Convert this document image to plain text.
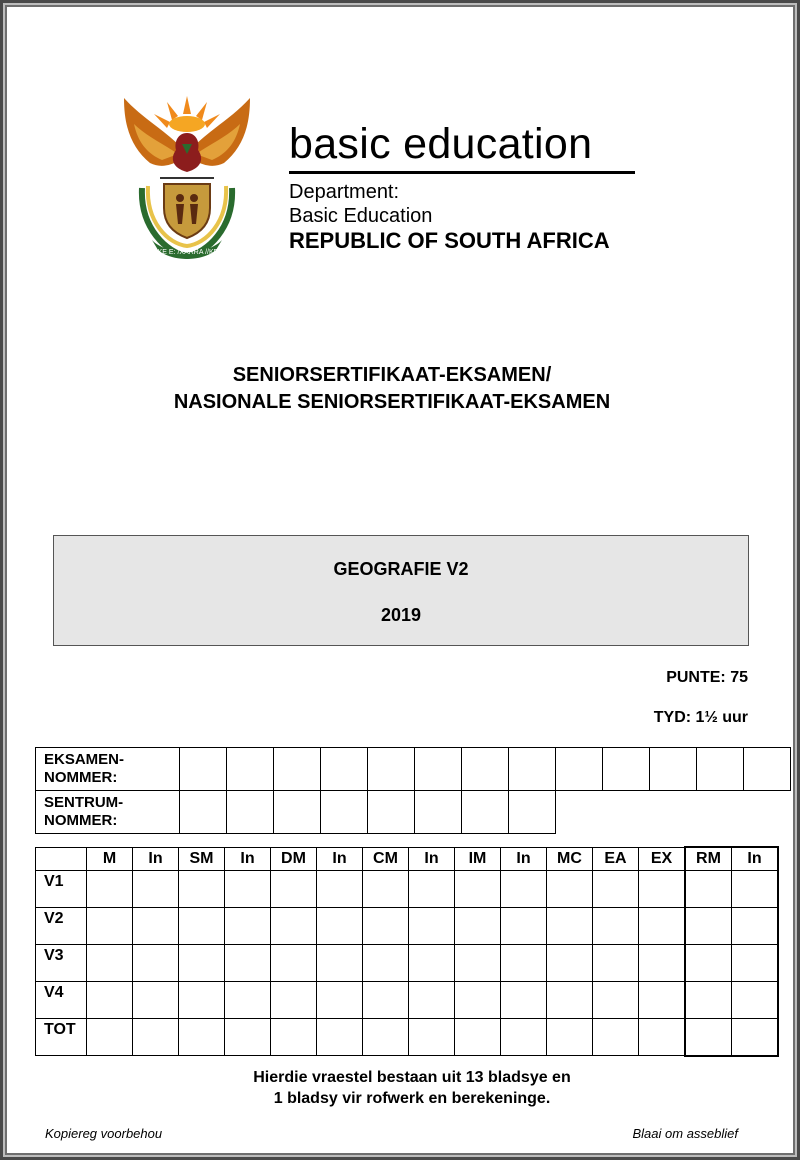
!KE E: /XARRA //KE
basic education
Department:
Basic Education
REPUBLIC OF SOUTH AFRICA
SENIORSERTIFIKAAT-EKSAMEN/
NASIONALE SENIORSERTIFIKAAT-EKSAMEN
GEOGRAFIE V2
2019
PUNTE: 75
TYD: 1½ uur
EKSAMEN-
NOMMER:													

SENTRUM-
NOMMER:													

	M	In	SM	In	DM	In	CM	In	IM	In	MC	EA	EX	RM	In
V1															
V2															
V3															
V4															
TOT															
Hierdie vraestel bestaan uit 13 bladsye en
1 bladsy vir rofwerk en berekeninge.
Kopiereg voorbehou	Blaai om asseblief
